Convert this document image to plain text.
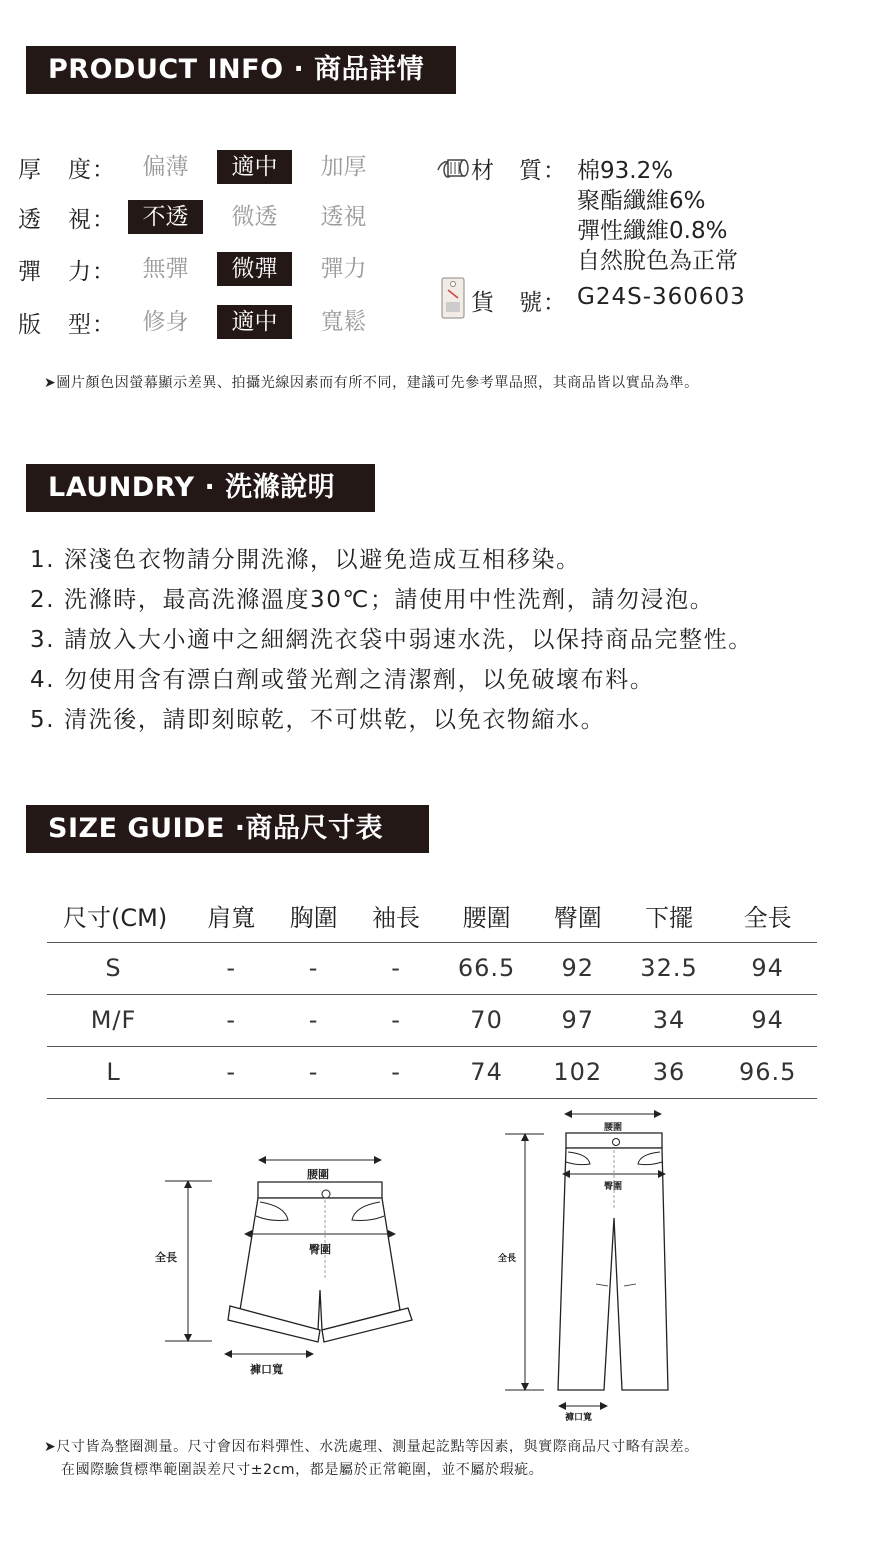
PRODUCT INFO · 商品詳情
厚 度：	偏薄	適中	加厚
透 視：	不透	微透	透視
彈 力：	無彈	微彈	彈力
版 型：	修身	適中	寬鬆
材　質： 棉93.2%
聚酯纖維6%
彈性纖維0.8%
自然脫色為正常
貨　號： G24S-360603
➤圖片顏色因螢幕顯示差異、拍攝光線因素而有所不同，建議可先參考單品照，其商品皆以實品為準。
LAUNDRY · 洗滌說明
1. 深淺色衣物請分開洗滌，以避免造成互相移染。
2. 洗滌時，最高洗滌溫度30℃；請使用中性洗劑，請勿浸泡。
3. 請放入大小適中之細網洗衣袋中弱速水洗，以保持商品完整性。
4. 勿使用含有漂白劑或螢光劑之清潔劑，以免破壞布料。
5. 清洗後，請即刻晾乾，不可烘乾，以免衣物縮水。
SIZE GUIDE ·商品尺寸表
尺寸(CM)	肩寬	胸圍	袖長	腰圍	臀圍	下擺	全長
S	-	-	-	66.5	92	32.5	94
M/F	-	-	-	70	97	34	94
L	-	-	-	74	102	36	96.5
腰圍
臀圍
全長
褲口寬
腰圍
臀圍
全長
褲口寬
➤尺寸皆為整圈測量。尺寸會因布料彈性、水洗處理、測量起訖點等因素，與實際商品尺寸略有誤差。
在國際驗貨標準範圍誤差尺寸±2cm，都是屬於正常範圍，並不屬於瑕疵。
